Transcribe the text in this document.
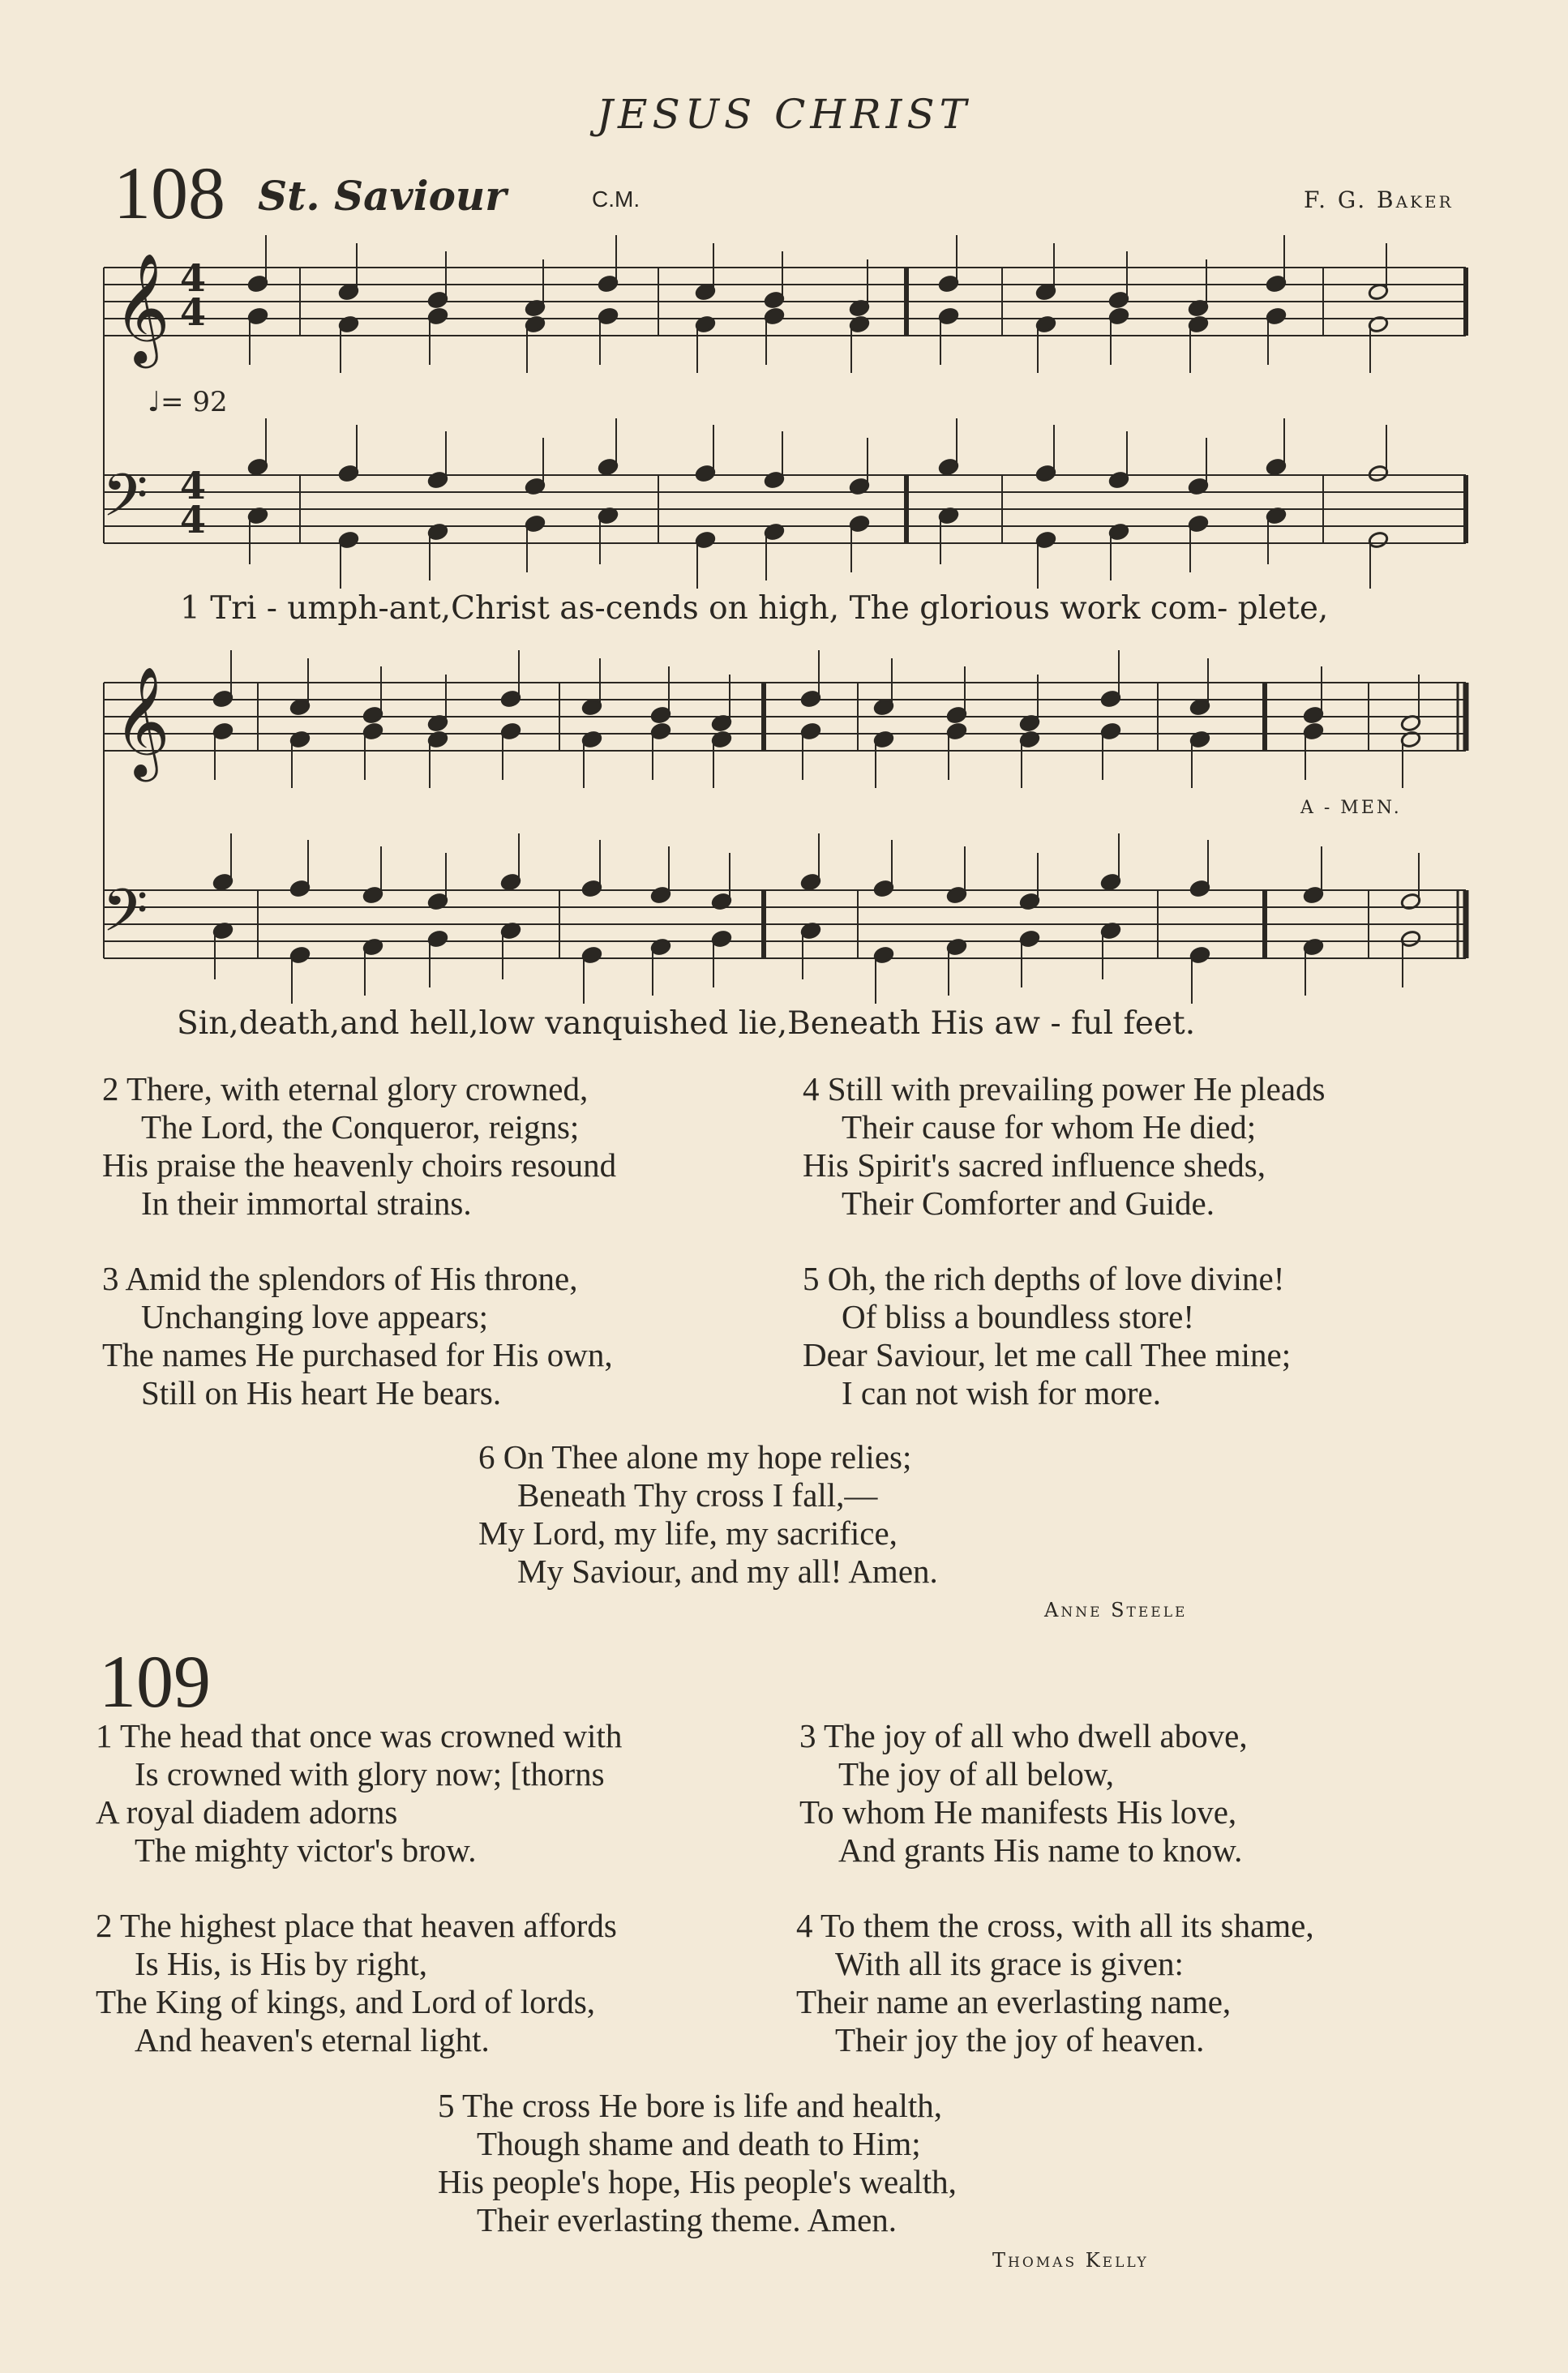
JESUS CHRIST
108 St. Saviour	C.M.	F. G. Baker
𝄞
𝄢
𝄞
𝄢
4
4
4
4
♩= 92
A - MEN.
1 Tri - umph-ant,Christ as-cends on high, The glorious work com- plete,
Sin,death,and hell,low vanquished lie,Beneath His aw - ful feet.
2 There, with eternal glory crowned,
The Lord, the Conqueror, reigns;
His praise the heavenly choirs resound
In their immortal strains.
3 Amid the splendors of His throne,
Unchanging love appears;
The names He purchased for His own,
Still on His heart He bears.
4 Still with prevailing power He pleads
Their cause for whom He died;
His Spirit's sacred influence sheds,
Their Comforter and Guide.
5 Oh, the rich depths of love divine!
Of bliss a boundless store!
Dear Saviour, let me call Thee mine;
I can not wish for more.
6 On Thee alone my hope relies;
Beneath Thy cross I fall,—
My Lord, my life, my sacrifice,
My Saviour, and my all! Amen.
Anne Steele
109
1 The head that once was crowned with
Is crowned with glory now; [thorns
A royal diadem adorns
The mighty victor's brow.
2 The highest place that heaven affords
Is His, is His by right,
The King of kings, and Lord of lords,
And heaven's eternal light.
3 The joy of all who dwell above,
The joy of all below,
To whom He manifests His love,
And grants His name to know.
4 To them the cross, with all its shame,
With all its grace is given:
Their name an everlasting name,
Their joy the joy of heaven.
5 The cross He bore is life and health,
Though shame and death to Him;
His people's hope, His people's wealth,
Their everlasting theme. Amen.
Thomas Kelly
